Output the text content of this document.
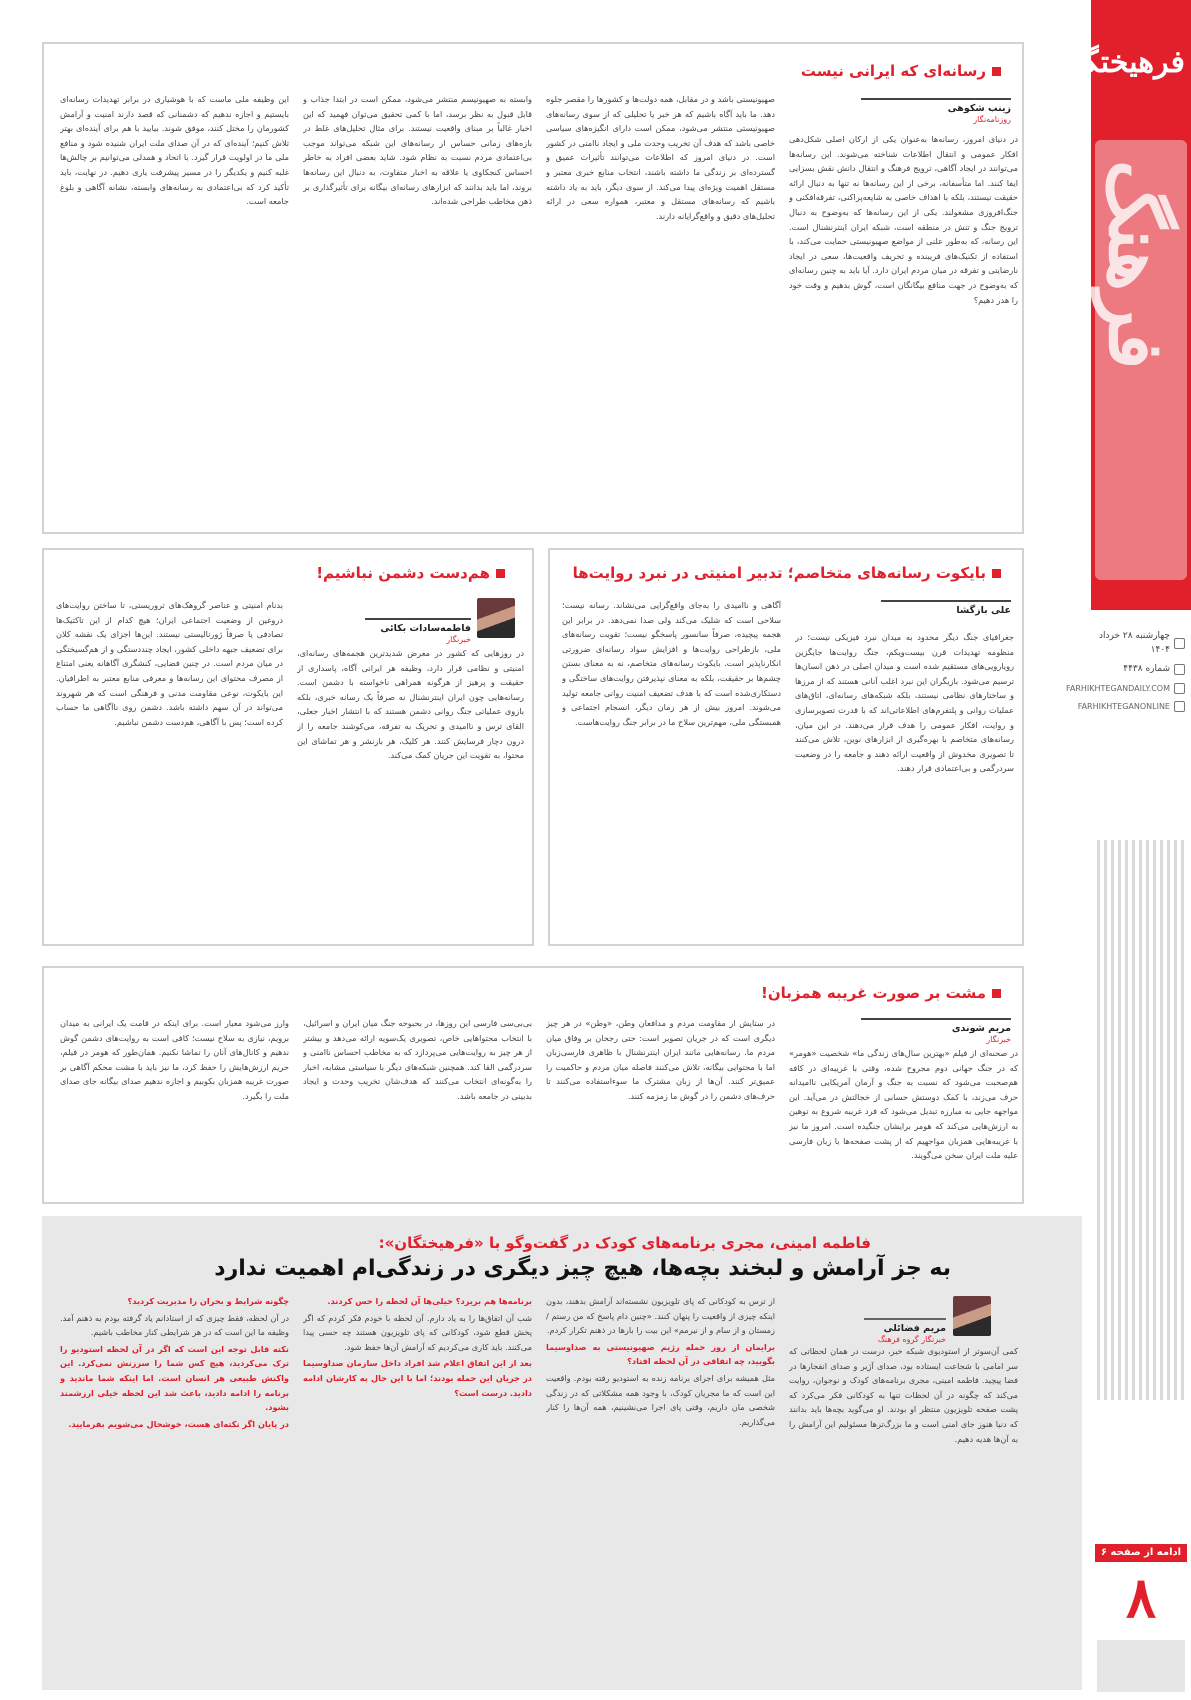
فرهیختگان
فرهنگ
چهارشنبه ۲۸ خرداد ۱۴۰۴
شماره ۴۴۳۸
FARHIKHTEGANDAILY.COM
FARHIKHTEGANONLINE
ادامه از صفحه ۶
۸
رسانه‌ای که ایرانی نیست
زینب شکوهی
روزنامه‌نگار
در دنیای امروز، رسانه‌ها به‌عنوان یکی از ارکان اصلی شکل‌دهی افکار عمومی و انتقال اطلاعات شناخته می‌شوند. این رسانه‌ها می‌توانند در ایجاد آگاهی، ترویج فرهنگ و انتقال دانش نقش بسزایی ایفا کنند. اما متأسفانه، برخی از این رسانه‌ها نه تنها به دنبال ارائه حقیقت نیستند، بلکه با اهداف خاصی به شایعه‌پراکنی، تفرقه‌افکنی و جنگ‌افروزی مشغولند. یکی از این رسانه‌ها که به‌وضوح به دنبال ترویج جنگ و تنش در منطقه است، شبکه ایران اینترنشنال است. این رسانه، که به‌طور علنی از مواضع صهیونیستی حمایت می‌کند، با استفاده از تکنیک‌های فریبنده و تحریف واقعیت‌ها، سعی در ایجاد نارضایتی و تفرقه در میان مردم ایران دارد. آیا باید به چنین رسانه‌ای که به‌وضوح در جهت منافع بیگانگان است، گوش بدهیم و وقت خود را هدر دهیم؟
صهیونیستی باشد و در مقابل، همه دولت‌ها و کشورها را مقصر جلوه دهد. ما باید آگاه باشیم که هر خبر یا تحلیلی که از سوی رسانه‌های صهیونیستی منتشر می‌شود، ممکن است دارای انگیزه‌های سیاسی خاصی باشد که هدف آن تخریب وحدت ملی و ایجاد ناامنی در کشور است. در دنیای امروز که اطلاعات می‌توانند تأثیرات عمیق و گسترده‌ای بر زندگی ما داشته باشند، انتخاب منابع خبری معتبر و مستقل اهمیت ویژه‌ای پیدا می‌کند. از سوی دیگر، باید به یاد داشته باشیم که رسانه‌های مستقل و معتبر، همواره سعی در ارائه تحلیل‌های دقیق و واقع‌گرایانه دارند.
وابسته به صهیونیسم منتشر می‌شود، ممکن است در ابتدا جذاب و قابل قبول به نظر برسد، اما با کمی تحقیق می‌توان فهمید که این اخبار غالباً بر مبنای واقعیت نیستند. برای مثال تحلیل‌های غلط در بازه‌های زمانی حساس از رسانه‌های این شبکه می‌تواند موجب بی‌اعتمادی مردم نسبت به نظام شود. شاید بعضی افراد به خاطر احساس کنجکاوی یا علاقه به اخبار متفاوت، به دنبال این رسانه‌ها بروند، اما باید بدانند که ابزارهای رسانه‌ای بیگانه برای تأثیرگذاری بر ذهن مخاطب طراحی شده‌اند.
این وظیفه ملی ماست که با هوشیاری در برابر تهدیدات رسانه‌ای بایستیم و اجازه ندهیم که دشمنانی که قصد دارند امنیت و آرامش کشورمان را مختل کنند، موفق شوند. بیایید با هم برای آینده‌ای بهتر تلاش کنیم؛ آینده‌ای که در آن صدای ملت ایران شنیده شود و منافع ملی ما در اولویت قرار گیرد. با اتحاد و همدلی می‌توانیم بر چالش‌ها غلبه کنیم و یکدیگر را در مسیر پیشرفت یاری دهیم. در نهایت، باید تأکید کرد که بی‌اعتمادی به رسانه‌های وابسته، نشانه آگاهی و بلوغ جامعه است.
بایکوت رسانه‌های متخاصم؛ تدبیر امنیتی در نبرد روایت‌ها
علی بازگشا
جغرافیای جنگ دیگر محدود به میدان نبرد فیزیکی نیست؛ در منظومه تهدیدات قرن بیست‌ویکم، جنگ روایت‌ها جایگزین رویارویی‌های مستقیم شده است و میدان اصلی در ذهن انسان‌ها ترسیم می‌شود. بازیگران این نبرد اغلب آنانی هستند که از مرزها و ساختارهای نظامی نیستند، بلکه شبکه‌های رسانه‌ای، اتاق‌های عملیات روانی و پلتفرم‌های اطلاعاتی‌اند که با قدرت تصویرسازی و روایت، افکار عمومی را هدف قرار می‌دهند. در این میان، رسانه‌های متخاصم با بهره‌گیری از ابزارهای نوین، تلاش می‌کنند تا تصویری مخدوش از واقعیت ارائه دهند و جامعه را در وضعیت سردرگمی و بی‌اعتمادی قرار دهند.
آگاهی و ناامیدی را به‌جای واقع‌گرایی می‌نشاند. رسانه نیست؛ سلاحی است که شلیک می‌کند ولی صدا نمی‌دهد. در برابر این هجمه پیچیده، صرفاً سانسور پاسخگو نیست؛ تقویت رسانه‌های ملی، بازطراحی روایت‌ها و افزایش سواد رسانه‌ای ضرورتی انکارناپذیر است. بایکوت رسانه‌های متخاصم، نه به معنای بستن چشم‌ها بر حقیقت، بلکه به معنای نپذیرفتن روایت‌های ساختگی و دستکاری‌شده است که با هدف تضعیف امنیت روانی جامعه تولید می‌شوند. امروز بیش از هر زمان دیگر، انسجام اجتماعی و همبستگی ملی، مهم‌ترین سلاح ما در برابر جنگ روایت‌هاست.
هم‌دست دشمن نباشیم!
فاطمه‌سادات بکائی
خبرنگار
در روزهایی که کشور در معرض شدیدترین هجمه‌های رسانه‌ای، امنیتی و نظامی قرار دارد، وظیفه هر ایرانی آگاه، پاسداری از حقیقت و پرهیز از هرگونه همراهی ناخواسته با دشمن است. رسانه‌هایی چون ایران اینترنشنال نه صرفاً یک رسانه خبری، بلکه بازوی عملیاتی جنگ روانی دشمن هستند که با انتشار اخبار جعلی، القای ترس و ناامیدی و تحریک به تفرقه، می‌کوشند جامعه را از درون دچار فرسایش کنند. هر کلیک، هر بازنشر و هر تماشای این محتوا، به تقویت این جریان کمک می‌کند.
بدنام امنیتی و عناصر گروهک‌های تروریستی، تا ساختن روایت‌های دروغین از وضعیت اجتماعی ایران؛ هیچ کدام از این تاکتیک‌ها تصادفی یا صرفاً ژورنالیستی نیستند. این‌ها اجزای یک نقشه کلان برای تضعیف جبهه داخلی کشور، ایجاد چنددستگی و از هم‌گسیختگی در میان مردم است. در چنین فضایی، کنشگری آگاهانه یعنی امتناع از مصرف محتوای این رسانه‌ها و معرفی منابع معتبر به اطرافیان. این بایکوت، نوعی مقاومت مدنی و فرهنگی است که هر شهروند می‌تواند در آن سهم داشته باشد. دشمن روی ناآگاهی ما حساب کرده است؛ پس با آگاهی، هم‌دست دشمن نباشیم.
مشت بر صورت غریبه همزبان!
مریم شوندی
خبرنگار
در صحنه‌ای از فیلم «بهترین سال‌های زندگی ما» شخصیت «هومر» که در جنگ جهانی دوم مجروح شده، وقتی با غریبه‌ای در کافه هم‌صحبت می‌شود که نسبت به جنگ و آرمان آمریکایی ناامیدانه حرف می‌زند، با کمک دوستش حسابی از خجالتش در می‌آید. این مواجهه جایی به مبارزه تبدیل می‌شود که فرد غریبه شروع به توهین به ارزش‌هایی می‌کند که هومر برایشان جنگیده است. امروز ما نیز با غریبه‌هایی همزبان مواجهیم که از پشت صفحه‌ها با زبان فارسی علیه ملت ایران سخن می‌گویند.
در ستایش از مقاومت مردم و مدافعان وطن، «وطن» در هر چیز دیگری است که در جریان تصویر است: حتی رجحان بر وفاق میان مردم ما. رسانه‌هایی مانند ایران اینترنشنال با ظاهری فارسی‌زبان اما با محتوایی بیگانه، تلاش می‌کنند فاصله میان مردم و حاکمیت را عمیق‌تر کنند. آن‌ها از زبان مشترک ما سوءاستفاده می‌کنند تا حرف‌های دشمن را در گوش ما زمزمه کنند.
بی‌بی‌سی فارسی این روزها، در بحبوحه جنگ میان ایران و اسرائیل، با انتخاب محتواهایی خاص، تصویری یک‌سویه ارائه می‌دهد و بیشتر از هر چیز به روایت‌هایی می‌پردازد که به مخاطب احساس ناامنی و سردرگمی القا کند. همچنین شبکه‌های دیگر با سیاستی مشابه، اخبار را به‌گونه‌ای انتخاب می‌کنند که هدف‌شان تخریب وحدت و ایجاد بدبینی در جامعه باشد.
وا‌رز می‌شود معیار است. برای اینکه در قامت یک ایرانی به میدان برویم، نیازی به سلاح نیست؛ کافی است به روایت‌های دشمن گوش ندهیم و کانال‌های آنان را تماشا نکنیم. همان‌طور که هومر در فیلم، حریم ارزش‌هایش را حفظ کرد، ما نیز باید با مشت محکم آگاهی بر صورت غریبه همزبان بکوبیم و اجازه ندهیم صدای بیگانه جای صدای ملت را بگیرد.
فاطمه امینی، مجری برنامه‌های کودک در گفت‌وگو با «فرهیختگان»:
به جز آرامش و لبخند بچه‌ها، هیچ چیز دیگری در زندگی‌ام اهمیت ندارد
مریم فضائلی
خبرنگار گروه فرهنگ

کمی آن‌سوتر از استودیوی شبکه خبر، درست در همان لحظاتی که سر امامی با شجاعت ایستاده بود، صدای آژیر و صدای انفجارها در فضا پیچید. فاطمه امینی، مجری برنامه‌های کودک و نوجوان، روایت می‌کند که چگونه در آن لحظات تنها به کودکانی فکر می‌کرد که پشت صفحه تلویزیون منتظر او بودند. او می‌گوید بچه‌ها باید بدانند که دنیا هنوز جای امنی است و ما بزرگ‌ترها مسئولیم این آرامش را به آن‌ها هدیه دهیم.

از ترس به کودکانی که پای تلویزیون نشسته‌اند آرامش بدهند، بدون اینکه چیزی از واقعیت را پنهان کنند. «چنین دام پاسخ که من رستم / زمستان و از سام و از نیرمم» این بیت را بارها در ذهنم تکرار کردم.

برایمان از روز حمله رژیم صهیونیستی به صداوسیما بگویید، چه اتفاقی در آن لحظه افتاد؟

مثل همیشه برای اجرای برنامه زنده به استودیو رفته بودم. واقعیت این است که ما مجریان کودک، با وجود همه مشکلاتی که در زندگی شخصی مان داریم، وقتی پای اجرا می‌نشینیم، همه آن‌ها را کنار می‌گذاریم.

برنامه‌ها هم بریزد؟ خیلی‌ها آن لحظه را حس کردند.

شب آن اتفاق‌ها را به یاد دارم. آن لحظه با خودم فکر کردم که اگر پخش قطع شود، کودکانی که پای تلویزیون هستند چه حسی پیدا می‌کنند. باید کاری می‌کردیم که آرامش آن‌ها حفظ شود.

بعد از این اتفاق اعلام شد افراد داخل سازمان صداوسیما در جریان این حمله بودند؛ اما با این حال به کارشان ادامه دادید. درست است؟

چگونه شرایط و بحران را مدیریت کردید؟

در آن لحظه، فقط چیزی که از استادانم یاد گرفته بودم به ذهنم آمد. وظیفه ما این است که در هر شرایطی کنار مخاطب باشیم.

نکته قابل توجه این است که اگر در آن لحظه استودیو را ترک می‌کردید، هیچ کس شما را سرزنش نمی‌کرد. این واکنش طبیعی هر انسان است. اما اینکه شما ماندید و برنامه را ادامه دادید، باعث شد این لحظه خیلی ارزشمند بشود.

در پایان اگر نکته‌ای هست، خوشحال می‌شویم بفرمایید.
